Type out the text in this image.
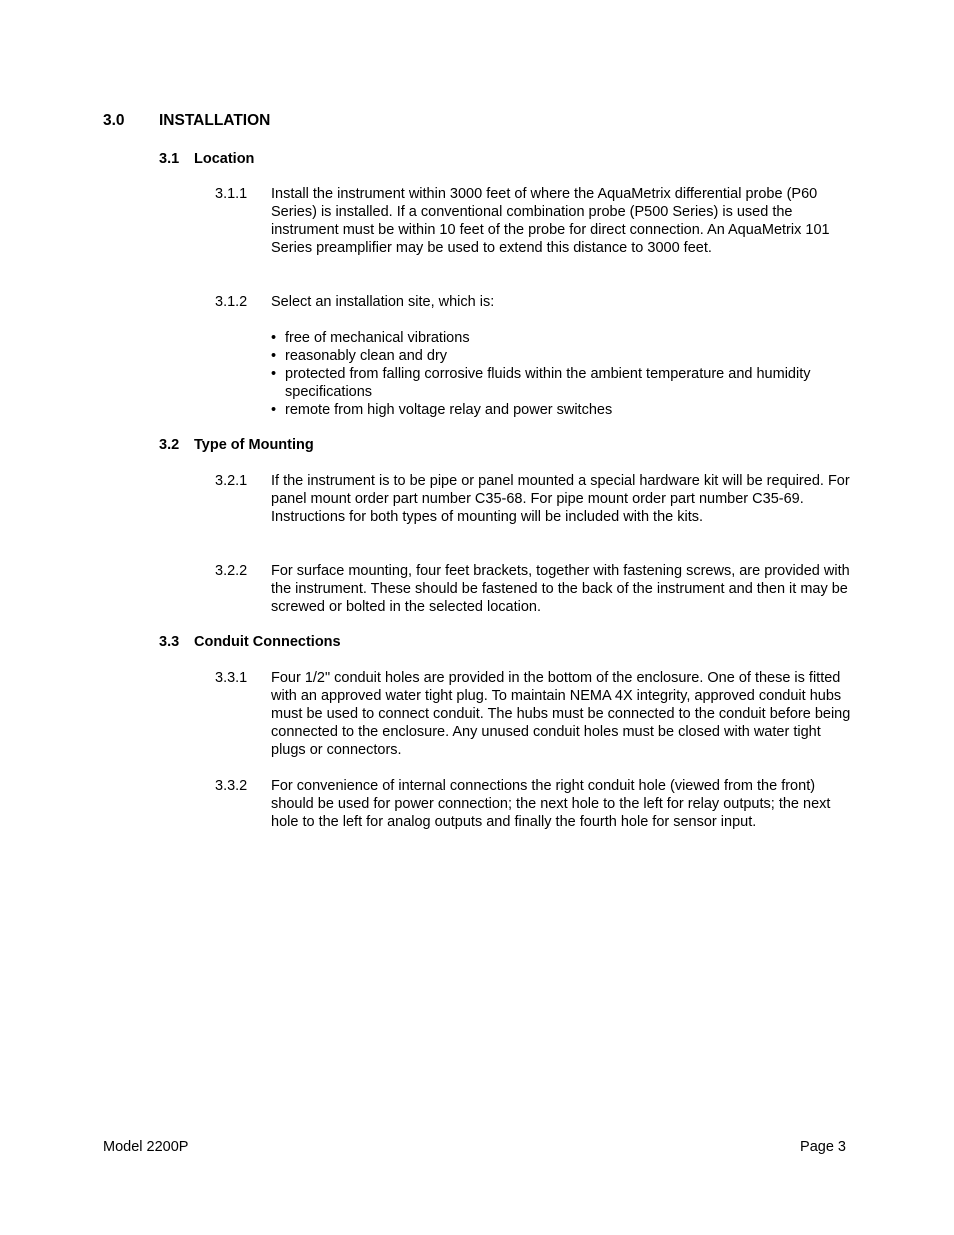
3.0 INSTALLATION
3.1 Location
3.1.1	Install the instrument within 3000 feet of where the AquaMetrix differential probe (P60 Series) is installed. If a conventional combination probe (P500 Series) is used the instrument must be within 10 feet of the probe for direct connection. An AquaMetrix 101 Series preamplifier may be used to extend this distance to 3000 feet.
3.1.2	Select an installation site, which is:
• free of mechanical vibrations
• reasonably clean and dry
• protected from falling corrosive fluids within the ambient temperature and humidity specifications
• remote from high voltage relay and power switches
3.2 Type of Mounting
3.2.1	If the instrument is to be pipe or panel mounted a special hardware kit will be required. For panel mount order part number C35-68. For pipe mount order part number C35-69. Instructions for both types of mounting will be included with the kits.
3.2.2	For surface mounting, four feet brackets, together with fastening screws, are provided with the instrument. These should be fastened to the back of the instrument and then it may be screwed or bolted in the selected location.
3.3 Conduit Connections
3.3.1	Four 1/2" conduit holes are provided in the bottom of the enclosure. One of these is fitted with an approved water tight plug. To maintain NEMA 4X integrity, approved conduit hubs must be used to connect conduit. The hubs must be connected to the conduit before being connected to the enclosure. Any unused conduit holes must be closed with water tight plugs or connectors.
3.3.2	For convenience of internal connections the right conduit hole (viewed from the front) should be used for power connection; the next hole to the left for relay outputs; the next hole to the left for analog outputs and finally the fourth hole for sensor input.
Model 2200P	Page 3
